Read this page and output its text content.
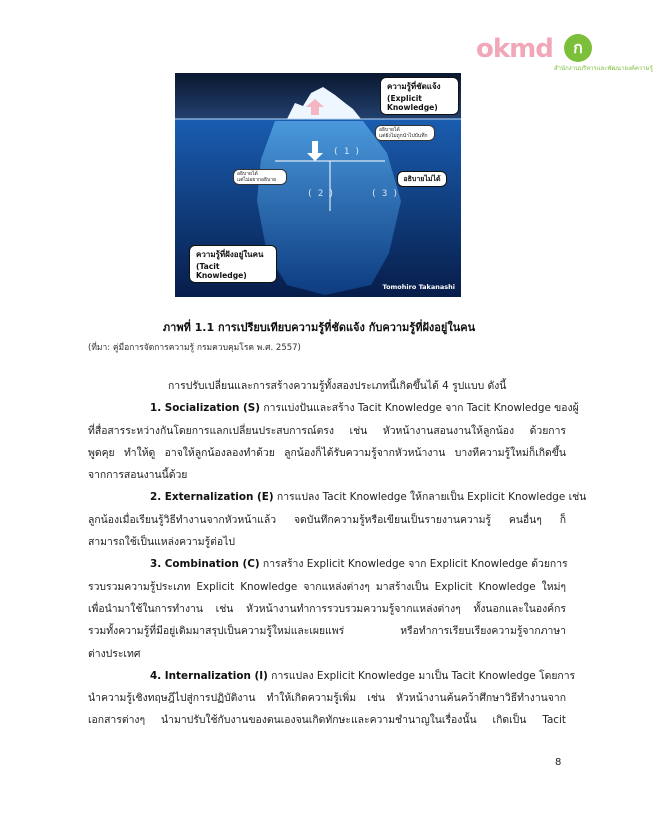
okmd	ก
สำนักงานบริหารและพัฒนาองค์ความรู้
ความรู้ที่ชัดแจ้ง
(Explicit Knowledge)
อธิบายได้
แต่ยังไม่ถูกนำไปบันทึก
อธิบายได้
แต่ไม่อยากอธิบาย	อธิบายไม่ได้
( 1 )
( 2 )	( 3 )
ความรู้ที่ฝังอยู่ในคน
(Tacit Knowledge)
Tomohiro Takanashi
ภาพที่ 1.1 การเปรียบเทียบความรู้ที่ชัดแจ้ง กับความรู้ที่ฝังอยู่ในคน
(ที่มา: คู่มือการจัดการความรู้ กรมควบคุมโรค พ.ศ. 2557)
การปรับเปลี่ยนและการสร้างความรู้ทั้งสองประเภทนี้เกิดขึ้นได้ 4 รูปแบบ ดังนี้
1. Socialization (S) การแบ่งปันและสร้าง Tacit Knowledge จาก Tacit Knowledge ของผู้
ที่สื่อสารระหว่างกันโดยการแลกเปลี่ยนประสบการณ์ตรง เช่น หัวหน้างานสอนงานให้ลูกน้อง ด้วยการ
พูดคุย ทำให้ดู อาจให้ลูกน้องลองทำด้วย ลูกน้องก็ได้รับความรู้จากหัวหน้างาน บางทีความรู้ใหม่ก็เกิดขึ้น
จากการสอนงานนี้ด้วย
2. Externalization (E) การแปลง Tacit Knowledge ให้กลายเป็น Explicit Knowledge เช่น
ลูกน้องเมื่อเรียนรู้วิธีทำงานจากหัวหน้าแล้ว จดบันทึกความรู้หรือเขียนเป็นรายงานความรู้ คนอื่นๆ ก็
สามารถใช้เป็นแหล่งความรู้ต่อไป
3. Combination (C) การสร้าง Explicit Knowledge จาก Explicit Knowledge ด้วยการ
รวบรวมความรู้ประเภท Explicit Knowledge จากแหล่งต่างๆ มาสร้างเป็น Explicit Knowledge ใหม่ๆ
เพื่อนำมาใช้ในการทำงาน เช่น หัวหน้างานทำการรวบรวมความรู้จากแหล่งต่างๆ ทั้งนอกและในองค์กร
รวมทั้งความรู้ที่มีอยู่เดิมมาสรุปเป็นความรู้ใหม่และเผยแพร่ หรือทำการเรียบเรียงความรู้จากภาษา
ต่างประเทศ
4. Internalization (I) การแปลง Explicit Knowledge มาเป็น Tacit Knowledge โดยการ
นำความรู้เชิงทฤษฎีไปสู่การปฏิบัติงาน ทำให้เกิดความรู้เพิ่ม เช่น หัวหน้างานค้นคว้าศึกษาวิธีทำงานจาก
เอกสารต่างๆ นำมาปรับใช้กับงานของตนเองจนเกิดทักษะและความชำนาญในเรื่องนั้น เกิดเป็น Tacit
8
